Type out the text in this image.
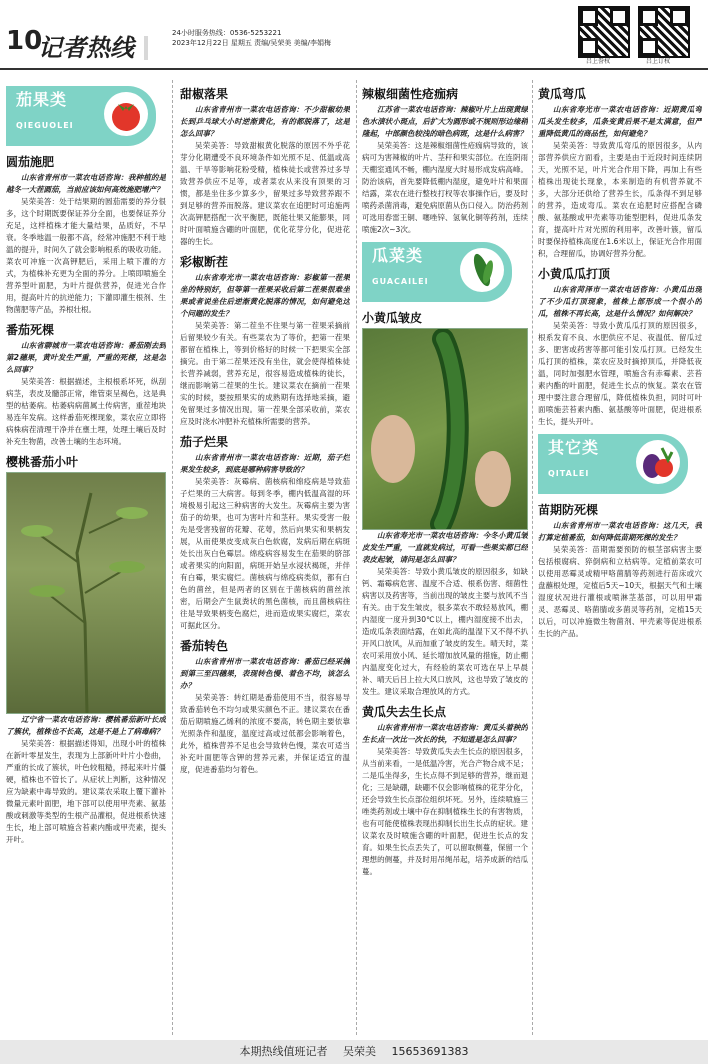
10
记者热线
24小时服务热线：0536-5253221
2023年12月22日 星期五 责编/吴荣美 美编/李娟梅
吕上誊权	吕上订权
茄果类
QIEGUOLEI
圆茄施肥

山东省青州市一菜农电话咨询：我种植的是越冬一大茬圆茄，当前应该如何高效施肥增产？

吴荣美答：处于结果期的圆茄需要的养分很多，这个时期既要保证养分全面，也要保证养分充足，这样植株才能大量结果，品质好，不早衰。冬季地温一般都不高，经常冲施肥不利于地温的提升，时间久了就会影响根系的吸收功能。菜农可冲施一次高钾肥后，采用上喷下灌的方式，为植株补充更为全面的养分。上喷即喷施全营养型叶面肥，为叶片提供营养，促进光合作用，提高叶片的抗逆能力；下灌即灌生根剂、生物菌肥等产品，养根壮根。

番茄死棵

山东省聊城市一菜农电话咨询：番茄刚去到第2穗果，黄叶发生严重，严重的死棵，这是怎么回事？

吴荣美答：根据描述，主根根系坏死，纵刮病茎，表皮及髓部正常，维管束呈褐色，这是典型的枯萎病。枯萎病病菌属土传病害，重茬地块易连年发病。这样番茄死棵现象，菜农应立即将病株病茬清理干净并在壅土埋，处理土壤后及时补充生物菌，改善土壤的生态环境。

樱桃番茄小叶

辽宁省一菜农电话咨询：樱桃番茄新叶长成了簇状，植株也不长高，这是不是上了病毒病？

吴荣美答：根据描述得知，出现小叶的植株在新叶零星发生，表现为上部新叶叶片小卷曲，严重的长成了簇状，叶色较粗糙，捋起来叶片僵硬，植株也不管长了。从症状上判断，这种情况应为缺素中毒导致的。建议菜农采取上覆下灌补微量元素叶面肥，地下部可以使用甲壳素、氨基酸或刺激等类型的生根产品灌根，促进根系快速生长，地上部可喷施含苔素内酯或甲壳素，提头开叶。

甜椒落果

山东省青州市一菜农电话咨询：不少甜椒幼果长到乒乓球大小时逆渐黄化，有的都脱落了，这是怎么回事？

吴荣美答：导致甜椒黄化脱落的原因不外乎花芽分化期遭受不良环境条件如光照不足、低温或高温、干旱等影响花粉受精，植株徒长或营养过多导致营养供应不足等，或者菜农从来没有顶果的习惯，都是坐住多少算多少，留果过多导致营养跟不到足够的营养而脱落。建议菜农在追肥时可追施两次高钾肥搭配一次平衡肥，既能壮果又能膨果，同时叶面喷施含硼的叶面肥，优化花芽分化，促进花器的生长。

彩椒断茬

山东省寿光市一菜农电话咨询：彩椒第一茬果坐的特别好，但等第一茬果采收后第二茬果很难坐果或者说坐住后逆渐黄化脱落的情况，如何避免这个问题的发生？

吴荣美答：第二茬坐不住果与第一茬果采摘前后留果较少有关。有些菜农为了等价，把第一茬果都留在植株上，等到价格好的时候一下把果实全部摘完。由于第二茬果还没有坐住，就会使得植株徒长营养减弱，营养充足，很容易造成植株的徒长，继而影响第二茬果的生长。建议菜农在摘前一茬果实的时候，要按照果实的成熟期有选择地采摘，避免留果过多情况出现。第一茬果全部采收前，菜农应及时浇水冲肥补充植株所需要的营养。

茄子烂果

山东省青州市一菜农电话咨询：近期，茄子烂果发生较多，到底是哪种病害导致的？

吴荣美答：灰霉病、菌核病和绵疫病是导致茄子烂果的三大病害。每到冬季，棚内低温高湿的环境极易引起这三种病害的大发生。灰霉病主要为害茄子的幼果，也可为害叶片和茎秆。果实受害一般先是受害残留的花瓣、花萼，然后向果实和果柄发展，从而使果皮变成灰白色软腐，发病后期在病斑处长出灰白色霉层。绵疫病容易发生在茄果的脐部或者果实的向阳面，病斑开始呈水浸状褐斑，并伴有白霉，果实腐烂。菌核病与绵疫病类似，都有白色的菌丝，但是两者的区别在于菌核病的菌丝浓密，后期会产生鼠粪状的黑色菌核，而且菌核病往往是导致果柄变色腐烂，进而造成果实腐烂，菜农可据此区分。

番茄转色

山东省青州市一菜农电话咨询：番茄已经采摘到第三至四穗果，表现转色慢、着色不均，该怎么办？

吴荣美答：转红期是番茄使用不当，很容易导致番茄转色不均匀或果实颜色不正。建议菜农在番茄后期喷施乙烯利的浓度不要高，转色期主要依靠光照条件和温度，温度过高或过低都会影响着色，此外，植株营养不足也会导致转色慢，菜农可适当补充叶面肥等含钾的营养元素，并保证适宜的温度，促进番茄均匀着色。

辣椒细菌性疮痂病

江苏省一菜农电话咨询：辣椒叶片上出现黄绿色水渍状小斑点，后扩大为圆形或不规则形边缘稍隆起，中部颜色较浅的暗色病斑，这是什么病害？

吴荣美答：这是辣椒细菌性疮痂病导致的，该病可为害辣椒的叶片、茎秆和果实部位。在连阴雨天棚室通风不畅，棚内湿度大时易形成发病高峰。防治该病，首先要降低棚内湿度，避免叶片和果面结露，菜农在进行整枝打杈等农事操作后，要及时喷药杀菌消毒，避免病原菌从伤口侵入。防治药剂可选用春雷王铜、噻唑锌、氢氧化铜等药剂，连续喷施2次~3次。

瓜菜类
GUACAILEI
小黄瓜皱皮

山东省寿光市一菜农电话咨询：今冬小黄瓜皱皮发生严重，一直就发病过，可看一些果实都已经表皮起皱，请问是怎么回事？

吴荣美答：导致小黄瓜皱皮的原因很多，如缺钙、霜霉病危害、温度不合适、根系伤害、细菌性病害以及药害等，当前出现的皱皮主要与放风不当有关。由于发生皱皮，很多菜农不敢轻易放风，棚内湿度一度升到30℃以上，棚内湿度接不出去，造成瓜条表面结露，在如此高的温湿下又不得不扒开风口放风，从而加重了皱皮的发生。晴天时，菜农可采用放小风、延长增加放风量的措施，防止棚内温度变化过大，有经验的菜农可选在早上早晨补、晴天后吕上拉大风口放风，这也导致了皱皮的发生。建议采取合理放风的方式。

黄瓜失去生长点

山东省青州市一菜农电话咨询：黄瓜头着秧的生长点一次比一次长的快，不知道是怎么回事？

吴荣美答：导致黄瓜失去生长点的原因很多，从当前来看，一是低温冷害，光合产物合成不足；二是瓜坐得多，生长点得不到足够的营养，继而退化；三是缺硼，缺硼不仅会影响植株的花芽分化，还会导致生长点部位组织坏死。另外，连续喷施三唑类药剂或土壤中存在抑制植株生长的有害物质，也有可能使植株表现出抑制长出生长点的症状。建议菜农及时喷施含硼的叶面肥，促进生长点的发育。如果生长点丢失了，可以留取侧蔓，保留一个理想的侧蔓，并及时用吊绳吊起，培养成新的结瓜蔓。

黄瓜弯瓜

山东省寿光市一菜农电话咨询：近期黄瓜弯瓜头发生较多，瓜条变黄后果不是太满意，但严重降低黄瓜的商品性，如何避免？

吴荣美答：导致黄瓜弯瓜的原因很多，从内部营养供应方面看，主要是由于近段时间连续阴天，光照不足，叶片光合作用下降，再加上有些植株出现徒长现象，本来制造的有机营养就不多，大部分还供给了营养生长，瓜条得不到足够的营养，造成弯瓜。菜农在追肥时应搭配含磷酸、氨基酸或甲壳素等功能型肥料，促进瓜条发育，提高叶片对光照的利用率，改善叶簇，留瓜时要保持植株高度在1.6米以上，保证光合作用面积，合理留瓜，协调好营养分配。

小黄瓜瓜打顶

山东省菏泽市一菜农电话咨询：小黄瓜出现了不少瓜打顶现象，植株上部形成一个很小的瓜，植株不再长高，这是什么情况？如何解决？

吴荣美答：导致小黄瓜瓜打顶的原因很多，根系发育不良、水肥供应不足、夜温低、留瓜过多、肥害或药害等都可能引发瓜打顶。已经发生瓜打顶的植株，菜农应及时摘掉顶瓜，并降低夜温，同时加强肥水管理，喷施含有赤霉素、芸苔素内酯的叶面肥，促进生长点的恢复。菜农在管理中要注意合理留瓜，降低植株负担，同时可叶面喷施芸苔素内酯、氨基酸等叶面肥，促进根系生长，提头开叶。

其它类
QITALEI
苗期防死棵

山东省青州市一菜农电话咨询：这几天，我打算定植番茄，如何降低苗期死棵的发生？

吴荣美答：苗期需要预防的根茎部病害主要包括根腐病、猝倒病和立枯病等。定植前菜农可以使用恶霉灵或精甲咯菌腈等药剂进行苗床或穴盘蘸根处理，定植后5天~10天，根据天气和土壤湿度状况进行灌根或喷淋茎基部，可以用甲霜灵、恶霉灵、咯菌腈或多菌灵等药剂，定植15天以后，可以冲施微生物菌剂、甲壳素等促进根系生长的产品。

本期热线值班记者 吴荣美 15653691383
